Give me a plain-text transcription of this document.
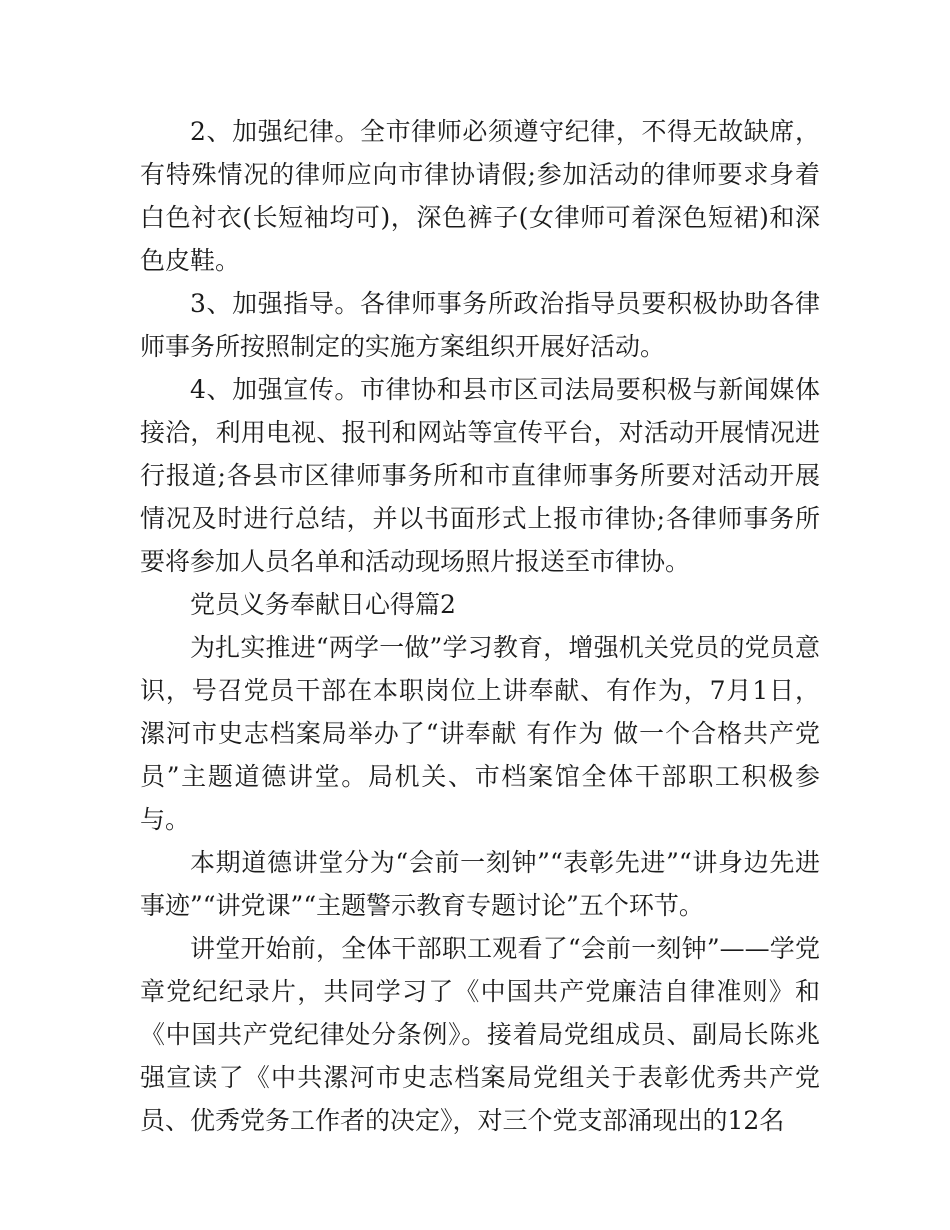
2、加强纪律。全市律师必须遵守纪律，不得无故缺席，有特殊情况的律师应向市律协请假;参加活动的律师要求身着白色衬衣(长短袖均可)，深色裤子(女律师可着深色短裙)和深色皮鞋。

3、加强指导。各律师事务所政治指导员要积极协助各律师事务所按照制定的实施方案组织开展好活动。

4、加强宣传。市律协和县市区司法局要积极与新闻媒体接洽，利用电视、报刊和网站等宣传平台，对活动开展情况进行报道;各县市区律师事务所和市直律师事务所要对活动开展情况及时进行总结，并以书面形式上报市律协;各律师事务所要将参加人员名单和活动现场照片报送至市律协。

党员义务奉献日心得篇2

为扎实推进“两学一做”学习教育，增强机关党员的党员意识，号召党员干部在本职岗位上讲奉献、有作为，7月1日，漯河市史志档案局举办了“讲奉献 有作为 做一个合格共产党员”主题道德讲堂。局机关、市档案馆全体干部职工积极参与。

本期道德讲堂分为“会前一刻钟”“表彰先进”“讲身边先进事迹”“讲党课”“主题警示教育专题讨论”五个环节。

讲堂开始前，全体干部职工观看了“会前一刻钟”——学党章党纪纪录片，共同学习了《中国共产党廉洁自律准则》和《中国共产党纪律处分条例》。接着局党组成员、副局长陈兆强宣读了《中共漯河市史志档案局党组关于表彰优秀共产党员、优秀党务工作者的决定》，对三个党支部涌现出的12名
